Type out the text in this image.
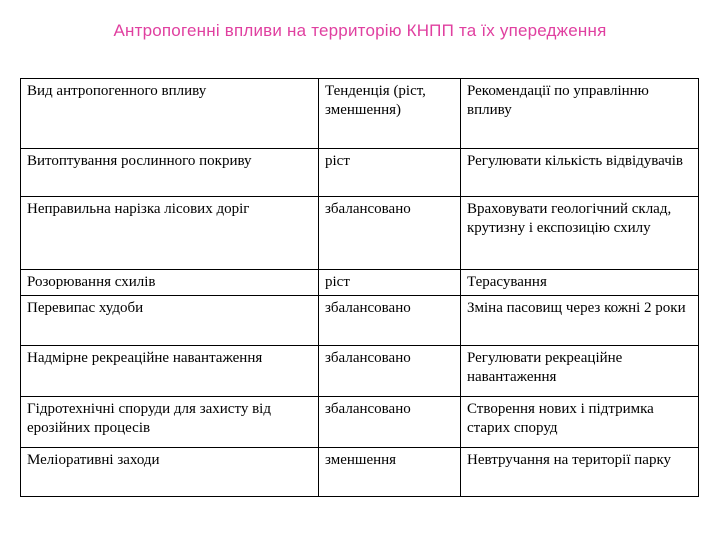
Антропогенні впливи на территорію КНПП та їх упередження
Вид антропогенного впливу	Тенденція (ріст, зменшення)	Рекомендації по управлінню впливу
Витоптування рослинного покриву	ріст	Регулювати кількість відвідувачів
Неправильна нарізка лісових доріг	збалансовано	Враховувати геологічний склад, крутизну і експозицію схилу
Розорювання схилів	ріст	Терасування
Перевипас худоби	збалансовано	Зміна пасовищ через кожні 2 роки
Надмірне рекреаційне навантаження	збалансовано	Регулювати рекреаційне навантаження
Гідротехнічні споруди для захисту від ерозійних процесів	збалансовано	Створення нових і підтримка старих споруд
Меліоративні заходи	зменшення	Невтручання на території парку
